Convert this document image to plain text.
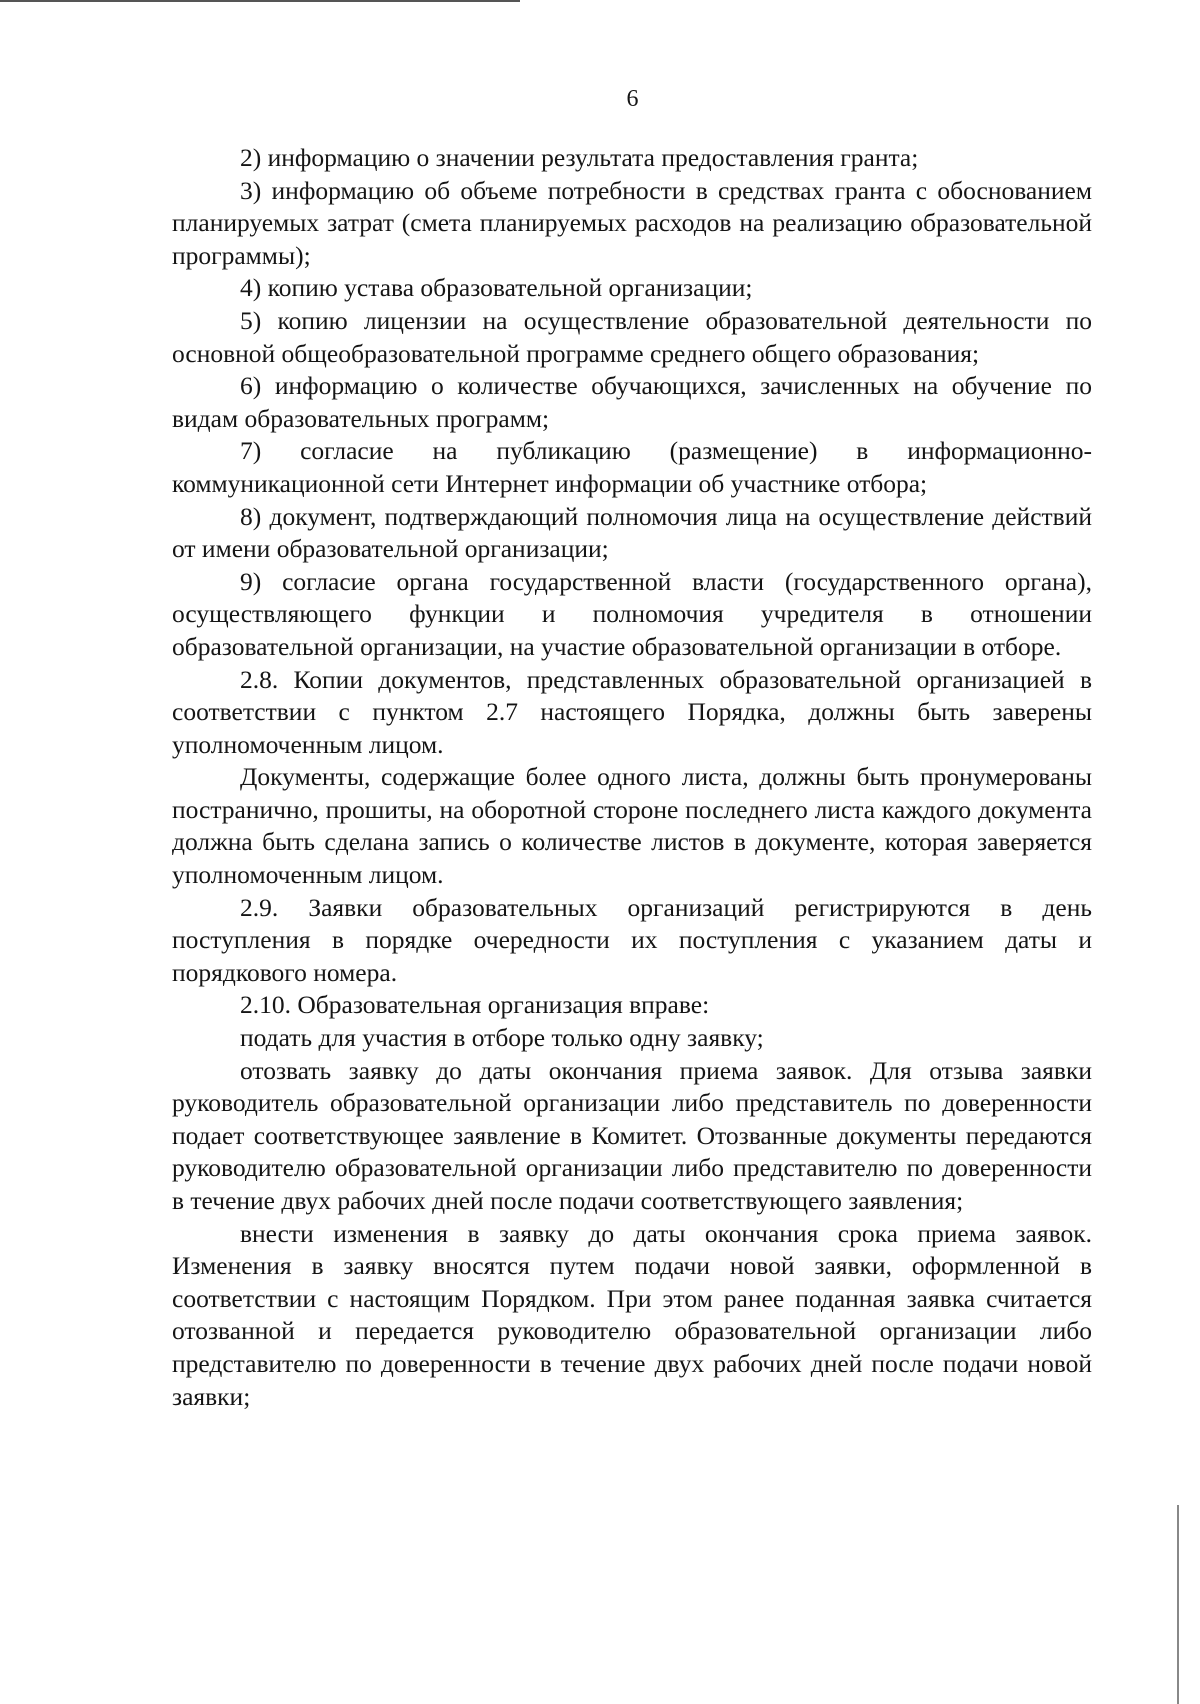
6

2) информацию о значении результата предоставления гранта;

3) информацию об объеме потребности в средствах гранта с обоснованием планируемых затрат (смета планируемых расходов на реализацию образовательной программы);

4) копию устава образовательной организации;

5) копию лицензии на осуществление образовательной деятельности по основной общеобразовательной программе среднего общего образования;

6) информацию о количестве обучающихся, зачисленных на обучение по видам образовательных программ;

7) согласие на публикацию (размещение) в информационно-коммуникационной сети Интернет информации об участнике отбора;

8) документ, подтверждающий полномочия лица на осуществление действий от имени образовательной организации;

9) согласие органа государственной власти (государственного органа), осуществляющего функции и полномочия учредителя в отношении образовательной организации, на участие образовательной организации в отборе.

2.8. Копии документов, представленных образовательной организацией в соответствии с пунктом 2.7 настоящего Порядка, должны быть заверены уполномоченным лицом.

Документы, содержащие более одного листа, должны быть пронумерованы постранично, прошиты, на оборотной стороне последнего листа каждого документа должна быть сделана запись о количестве листов в документе, которая заверяется уполномоченным лицом.

2.9. Заявки образовательных организаций регистрируются в день поступления в порядке очередности их поступления с указанием даты и порядкового номера.

2.10. Образовательная организация вправе:

подать для участия в отборе только одну заявку;

отозвать заявку до даты окончания приема заявок. Для отзыва заявки руководитель образовательной организации либо представитель по доверенности подает соответствующее заявление в Комитет. Отозванные документы передаются руководителю образовательной организации либо представителю по доверенности в течение двух рабочих дней после подачи соответствующего заявления;

внести изменения в заявку до даты окончания срока приема заявок. Изменения в заявку вносятся путем подачи новой заявки, оформленной в соответствии с настоящим Порядком. При этом ранее поданная заявка считается отозванной и передается руководителю образовательной организации либо представителю по доверенности в течение двух рабочих дней после подачи новой заявки;
